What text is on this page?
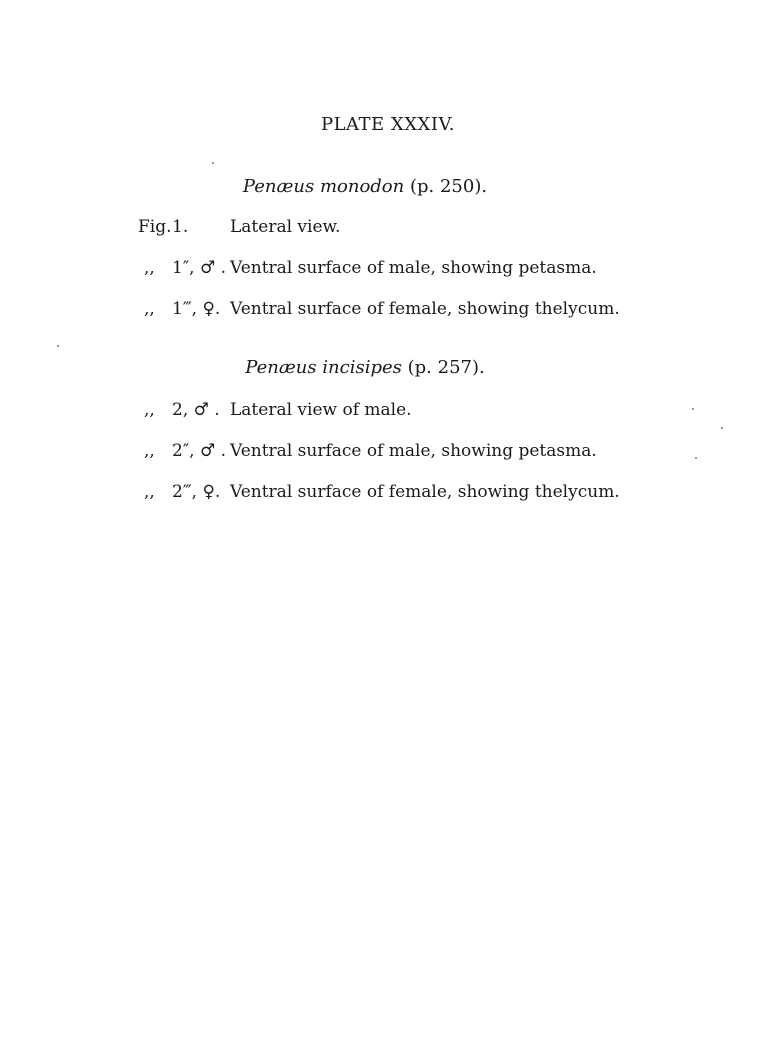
PLATE XXXIV.
Penæus monodon (p. 250).
Fig. 1. Lateral view.
,, 1″, ♂ . Ventral surface of male, showing petasma.
,, 1‴, ♀. Ventral surface of female, showing thelycum.
Penæus incisipes (p. 257).
,, 2, ♂ . Lateral view of male.
,, 2″, ♂ . Ventral surface of male, showing petasma.
,, 2‴, ♀. Ventral surface of female, showing thelycum.
